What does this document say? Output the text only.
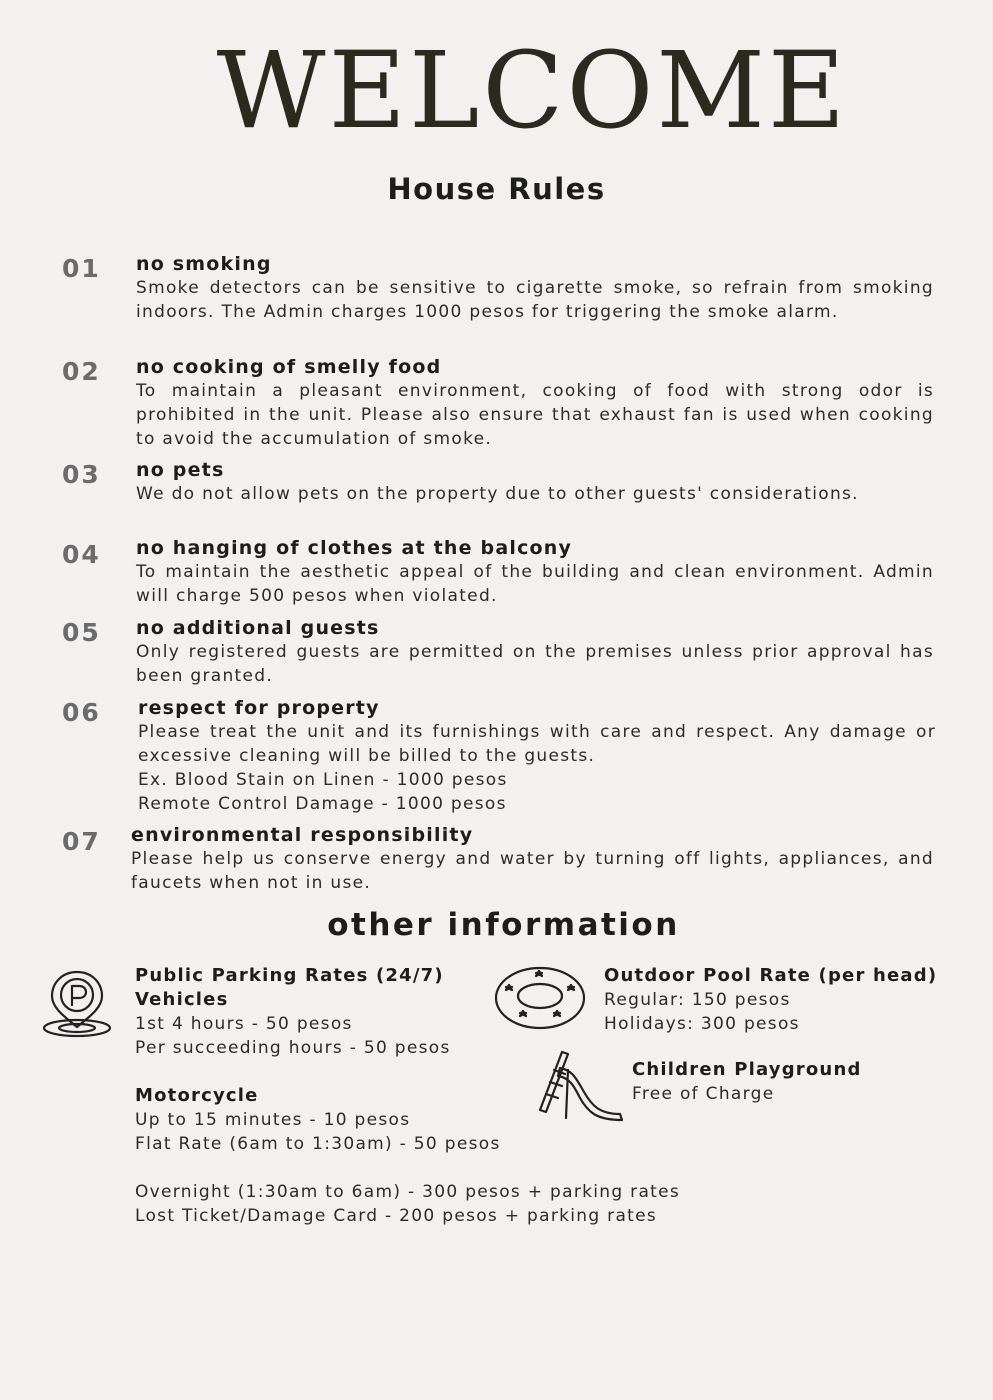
WELCOME
House Rules
01 no smoking
Smoke detectors can be sensitive to cigarette smoke, so refrain from smoking indoors. The Admin charges 1000 pesos for triggering the smoke alarm.
02 no cooking of smelly food
To maintain a pleasant environment, cooking of food with strong odor is prohibited in the unit. Please also ensure that exhaust fan is used when cooking to avoid the accumulation of smoke.
03 no pets
We do not allow pets on the property due to other guests' considerations.
04 no hanging of clothes at the balcony
To maintain the aesthetic appeal of the building and clean environment. Admin will charge 500 pesos when violated.
05 no additional guests
Only registered guests are permitted on the premises unless prior approval has been granted.
06 respect for property
Please treat the unit and its furnishings with care and respect. Any damage or excessive cleaning will be billed to the guests.
Ex. Blood Stain on Linen - 1000 pesos
Remote Control Damage - 1000 pesos
07 environmental responsibility
Please help us conserve energy and water by turning off lights, appliances, and faucets when not in use.
other information
Public Parking Rates (24/7)
Vehicles
1st 4 hours - 50 pesos
Per succeeding hours - 50 pesos
Motorcycle
Up to 15 minutes - 10 pesos
Flat Rate (6am to 1:30am) - 50 pesos
Overnight (1:30am to 6am) - 300 pesos + parking rates
Lost Ticket/Damage Card - 200 pesos + parking rates
Outdoor Pool Rate (per head)
Regular: 150 pesos
Holidays: 300 pesos
Children Playground
Free of Charge
